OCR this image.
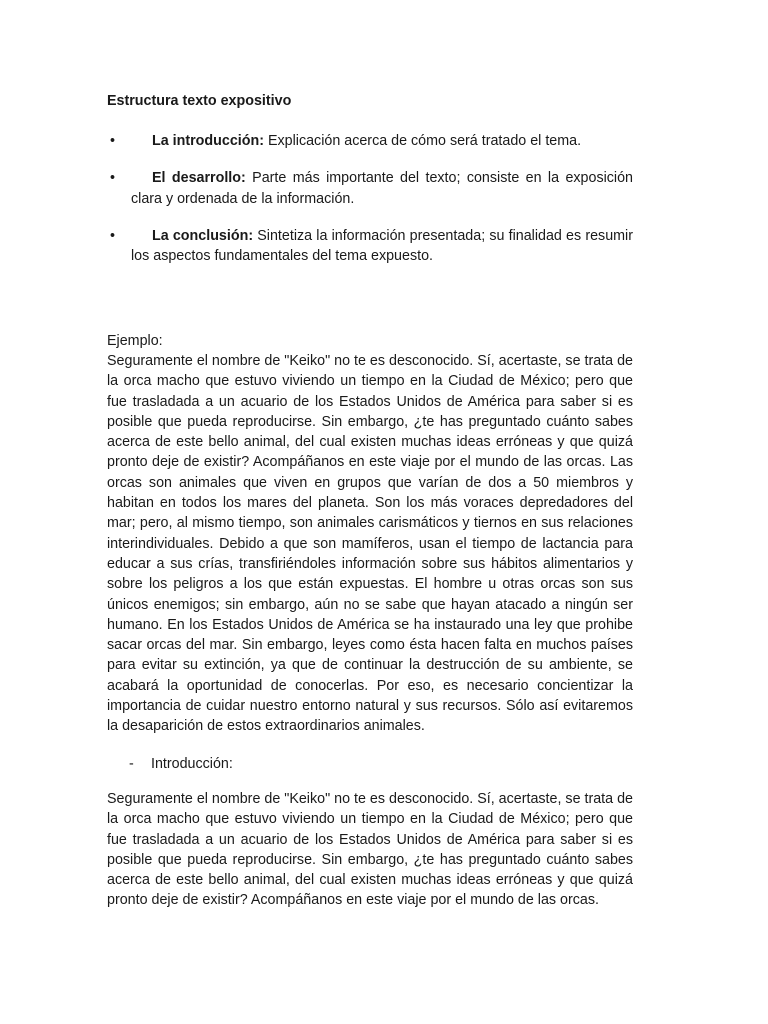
Estructura texto expositivo
•	La introducción: Explicación acerca de cómo será tratado el tema.
•	El desarrollo: Parte más importante del texto; consiste en la exposición clara y ordenada de la información.
•	La conclusión: Sintetiza la información presentada; su finalidad es resumir los aspectos fundamentales del tema expuesto.

Ejemplo:

Seguramente el nombre de "Keiko" no te es desconocido. Sí, acertaste, se trata de la orca macho que estuvo viviendo un tiempo en la Ciudad de México; pero que fue trasladada a un acuario de los Estados Unidos de América para saber si es posible que pueda reproducirse. Sin embargo, ¿te has preguntado cuánto sabes acerca de este bello animal, del cual existen muchas ideas erróneas y que quizá pronto deje de existir? Acompáñanos en este viaje por el mundo de las orcas. Las orcas son animales que viven en grupos que varían de dos a 50 miembros y habitan en todos los mares del planeta. Son los más voraces depredadores del mar; pero, al mismo tiempo, son animales carismáticos y tiernos en sus relaciones interindividuales. Debido a que son mamíferos, usan el tiempo de lactancia para educar a sus crías, transfiriéndoles información sobre sus hábitos alimentarios y sobre los peligros a los que están expuestas. El hombre u otras orcas son sus únicos enemigos; sin embargo, aún no se sabe que hayan atacado a ningún ser humano. En los Estados Unidos de América se ha instaurado una ley que prohibe sacar orcas del mar. Sin embargo, leyes como ésta hacen falta en muchos países para evitar su extinción, ya que de continuar la destrucción de su ambiente, se acabará la oportunidad de conocerlas. Por eso, es necesario concientizar la importancia de cuidar nuestro entorno natural y sus recursos. Sólo así evitaremos la desaparición de estos extraordinarios animales.

- Introducción:

Seguramente el nombre de "Keiko" no te es desconocido. Sí, acertaste, se trata de la orca macho que estuvo viviendo un tiempo en la Ciudad de México; pero que fue trasladada a un acuario de los Estados Unidos de América para saber si es posible que pueda reproducirse. Sin embargo, ¿te has preguntado cuánto sabes acerca de este bello animal, del cual existen muchas ideas erróneas y que quizá pronto deje de existir? Acompáñanos en este viaje por el mundo de las orcas.
